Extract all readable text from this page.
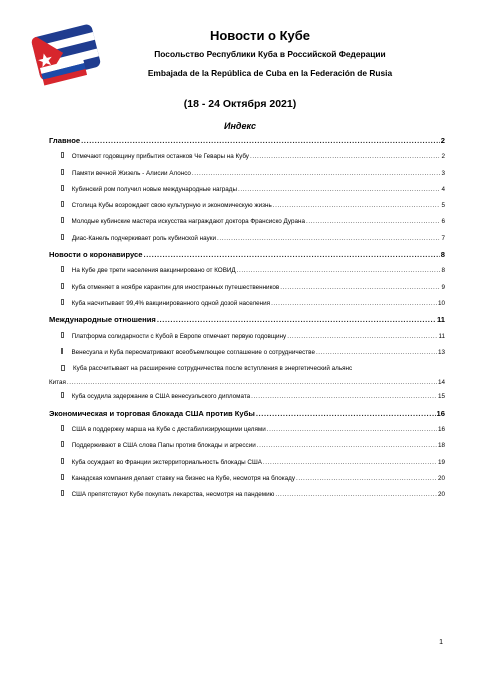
Новости о Кубе
Посольство Республики Куба в Российской Федерации
Embajada de la República de Cuba en la Federación de Rusia
(18 - 24 Октября 2021)
Индекс
Главное .....	2
Отмечают годовщину прибытия останков Че Гевары на Кубу .....	2
Памяти вечной Жизель - Алисии Алонсо .....	3
Кубинский ром получил новые международные награды .....	4
Столица Кубы возрождает свою культурную и экономическую жизнь .....	5
Молодые кубинские мастера искусства награждают доктора Франсиско Дурана .....	6
Диас-Канель подчеркивает роль кубинской науки .....	7
Новости о коронавирусе .....	8
На Кубе две трети населения вакцинировано от КОВИД .....	8
Куба отменяет в ноябре карантин для иностранных путешественников .....	9
Куба насчитывает 99,4% вакцинированного одной дозой населения .....	10
Международные отношения .....	11
Платформа солидарности с Кубой в Европе отмечает первую годовщину .....	11
Венесуэла и Куба пересматривают всеобъемлющее соглашение о сотрудничестве .....	13
Куба рассчитывает на расширение сотрудничества после вступления в энергетический альянс
Китая .....	14
Куба осудила задержание в США венесуэльского дипломата .....	15
Экономическая и торговая блокада США против Кубы .....	16
США в поддержку марша на Кубе с дестабилизирующими целями .....	16
Поддерживают в США слова Папы против блокады и агрессии .....	18
Куба осуждает во Франции экстерриториальность блокады США .....	19
Канадская компания делает ставку на бизнес на Кубе, несмотря на блокаду .....	20
США препятствуют Кубе покупать лекарства, несмотря на пандемию .....	20
1
